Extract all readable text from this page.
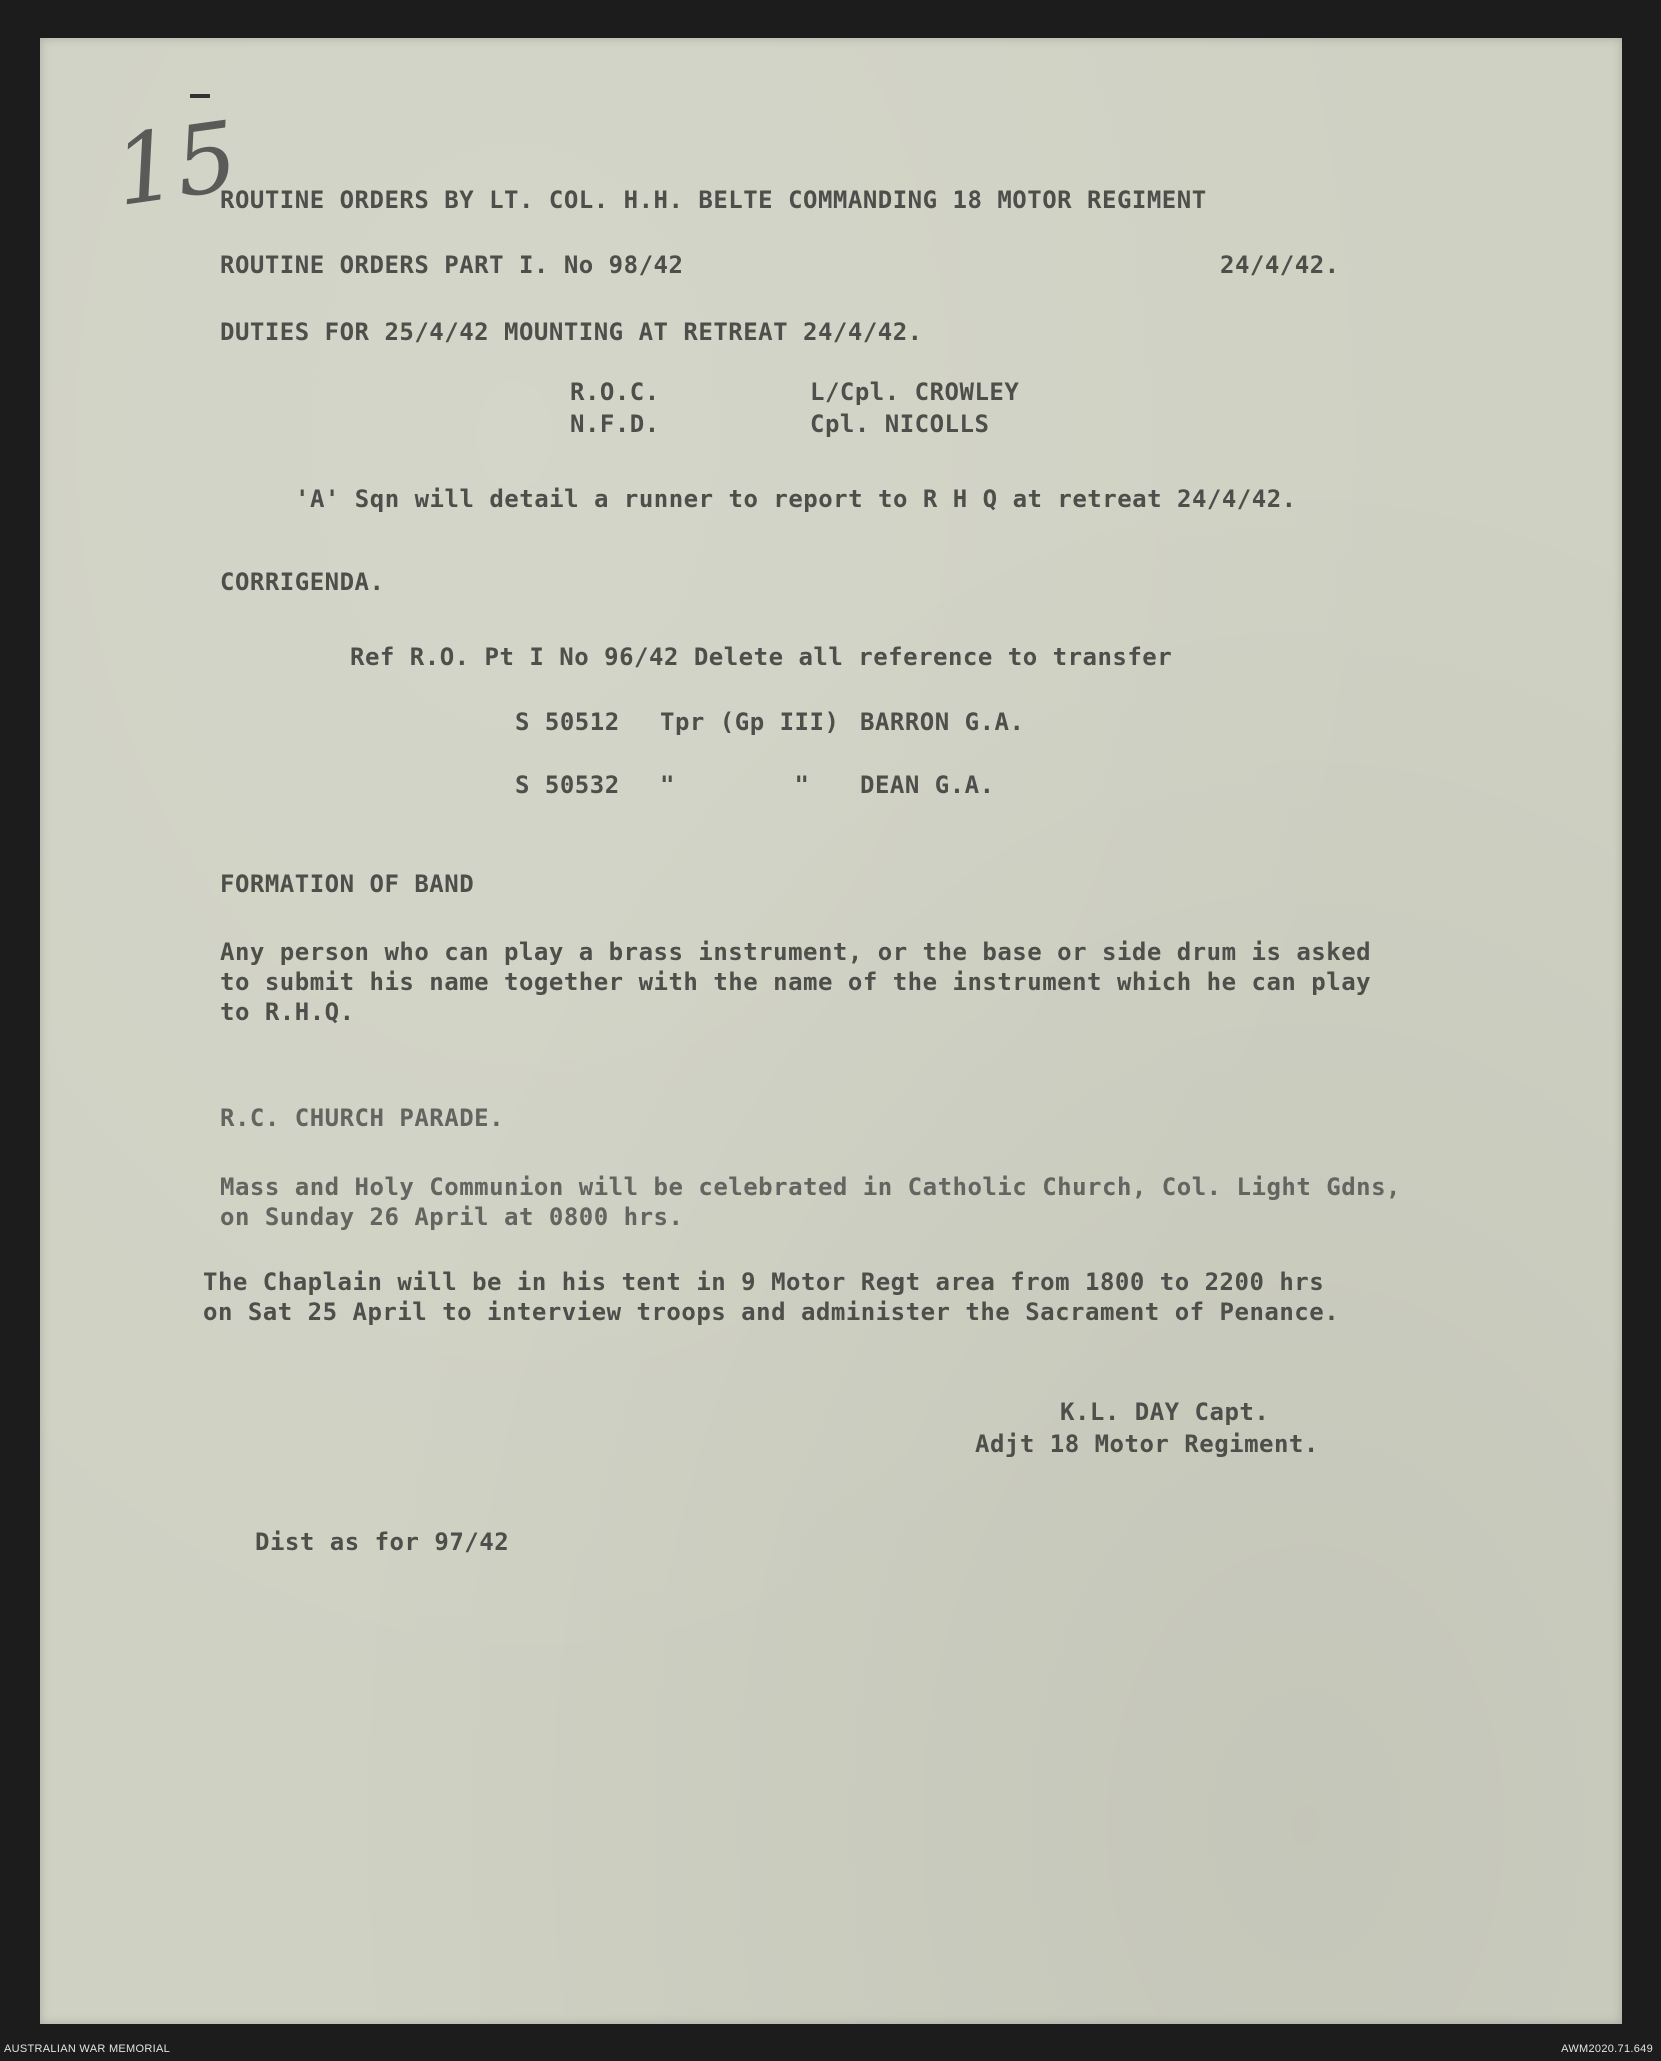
15

ROUTINE ORDERS BY LT. COL. H.H. BELTE COMMANDING 18 MOTOR REGIMENT

ROUTINE ORDERS PART I. No 98/42	24/4/42.

DUTIES FOR 25/4/42 MOUNTING AT RETREAT 24/4/42.

R.O.C.	L/Cpl. CROWLEY

N.F.D.	Cpl. NICOLLS

'A' Sqn will detail a runner to report to R H Q at retreat 24/4/42.

CORRIGENDA.

Ref R.O. Pt I No 96/42 Delete all reference to transfer

S 50512 Tpr (Gp III) BARRON G.A.

S 50532 "        " DEAN G.A.

FORMATION OF BAND

Any person who can play a brass instrument, or the base or side drum is asked

to submit his name together with the name of the instrument which he can play

to R.H.Q.

R.C. CHURCH PARADE.

Mass and Holy Communion will be celebrated in Catholic Church, Col. Light Gdns,

on Sunday 26 April at 0800 hrs.

The Chaplain will be in his tent in 9 Motor Regt area from 1800 to 2200 hrs

on Sat 25 April to interview troops and administer the Sacrament of Penance.

K.L. DAY Capt.

Adjt 18 Motor Regiment.

Dist as for 97/42

AUSTRALIAN WAR MEMORIAL	AWM2020.71.649
